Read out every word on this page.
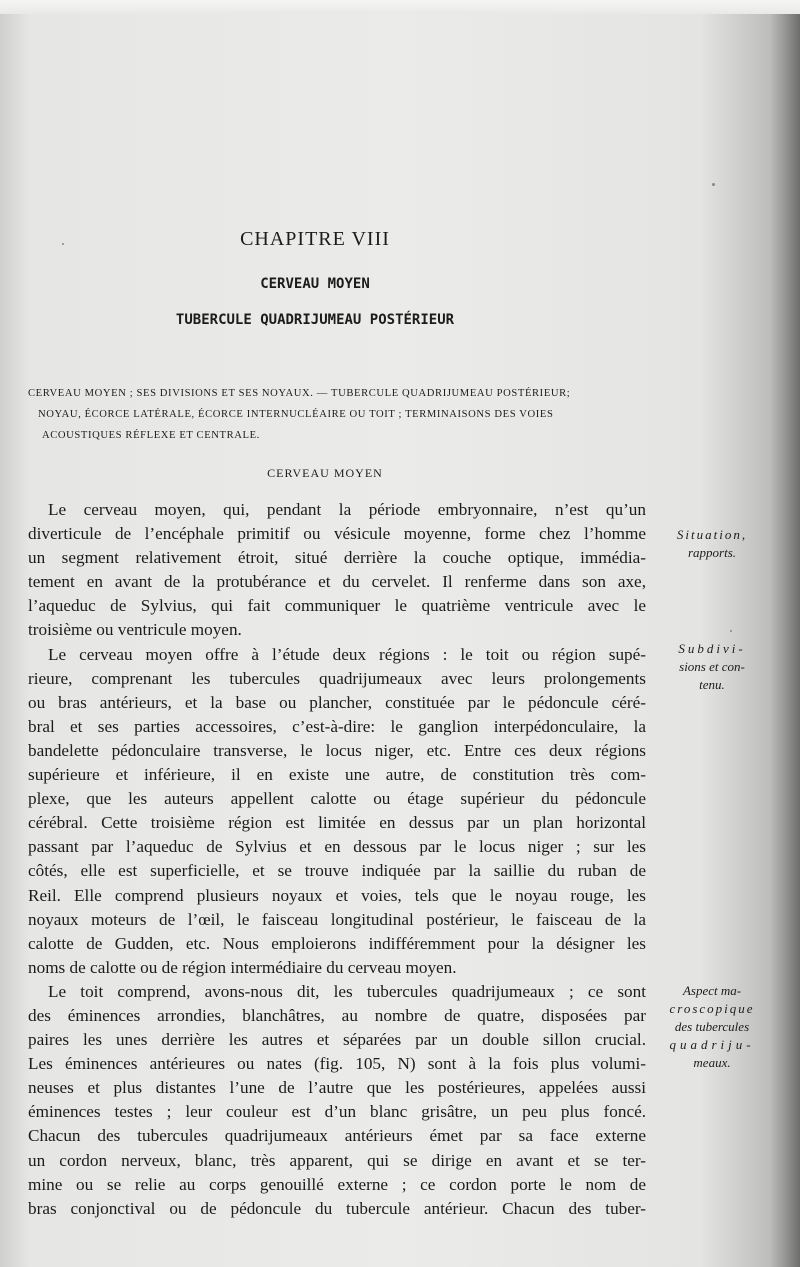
CHAPITRE VIII
CERVEAU MOYEN
TUBERCULE QUADRIJUMEAU POSTÉRIEUR
CERVEAU MOYEN ; SES DIVISIONS ET SES NOYAUX. — TUBERCULE QUADRIJUMEAU POSTÉRIEUR;
NOYAU, ÉCORCE LATÉRALE, ÉCORCE INTERNUCLÉAIRE OU TOIT ; TERMINAISONS DES VOIES
ACOUSTIQUES RÉFLEXE ET CENTRALE.
CERVEAU MOYEN
Le cerveau moyen, qui, pendant la période embryonnaire, n’est qu’un
diverticule de l’encéphale primitif ou vésicule moyenne, forme chez l’homme
un segment relativement étroit, situé derrière la couche optique, immédia-
tement en avant de la protubérance et du cervelet. Il renferme dans son axe,
l’aqueduc de Sylvius, qui fait communiquer le quatrième ventricule avec le
troisième ou ventricule moyen.
Le cerveau moyen offre à l’étude deux régions : le toit ou région supé-
rieure, comprenant les tubercules quadrijumeaux avec leurs prolongements
ou bras antérieurs, et la base ou plancher, constituée par le pédoncule céré-
bral et ses parties accessoires, c’est-à-dire: le ganglion interpédonculaire, la
bandelette pédonculaire transverse, le locus niger, etc. Entre ces deux régions
supérieure et inférieure, il en existe une autre, de constitution très com-
plexe, que les auteurs appellent calotte ou étage supérieur du pédoncule
cérébral. Cette troisième région est limitée en dessus par un plan horizontal
passant par l’aqueduc de Sylvius et en dessous par le locus niger ; sur les
côtés, elle est superficielle, et se trouve indiquée par la saillie du ruban de
Reil. Elle comprend plusieurs noyaux et voies, tels que le noyau rouge, les
noyaux moteurs de l’œil, le faisceau longitudinal postérieur, le faisceau de la
calotte de Gudden, etc. Nous emploierons indifféremment pour la désigner les
noms de calotte ou de région intermédiaire du cerveau moyen.
Le toit comprend, avons-nous dit, les tubercules quadrijumeaux ; ce sont
des éminences arrondies, blanchâtres, au nombre de quatre, disposées par
paires les unes derrière les autres et séparées par un double sillon crucial.
Les éminences antérieures ou nates (fig. 105, N) sont à la fois plus volumi-
neuses et plus distantes l’une de l’autre que les postérieures, appelées aussi
éminences testes ; leur couleur est d’un blanc grisâtre, un peu plus foncé.
Chacun des tubercules quadrijumeaux antérieurs émet par sa face externe
un cordon nerveux, blanc, très apparent, qui se dirige en avant et se ter-
mine ou se relie au corps genouillé externe ; ce cordon porte le nom de
bras conjonctival ou de pédoncule du tubercule antérieur. Chacun des tuber-
Situation,
rapports.
Subdivi-
sions et con-
tenu.
Aspect ma-
croscopique
des tubercules
quadriju-
meaux.
